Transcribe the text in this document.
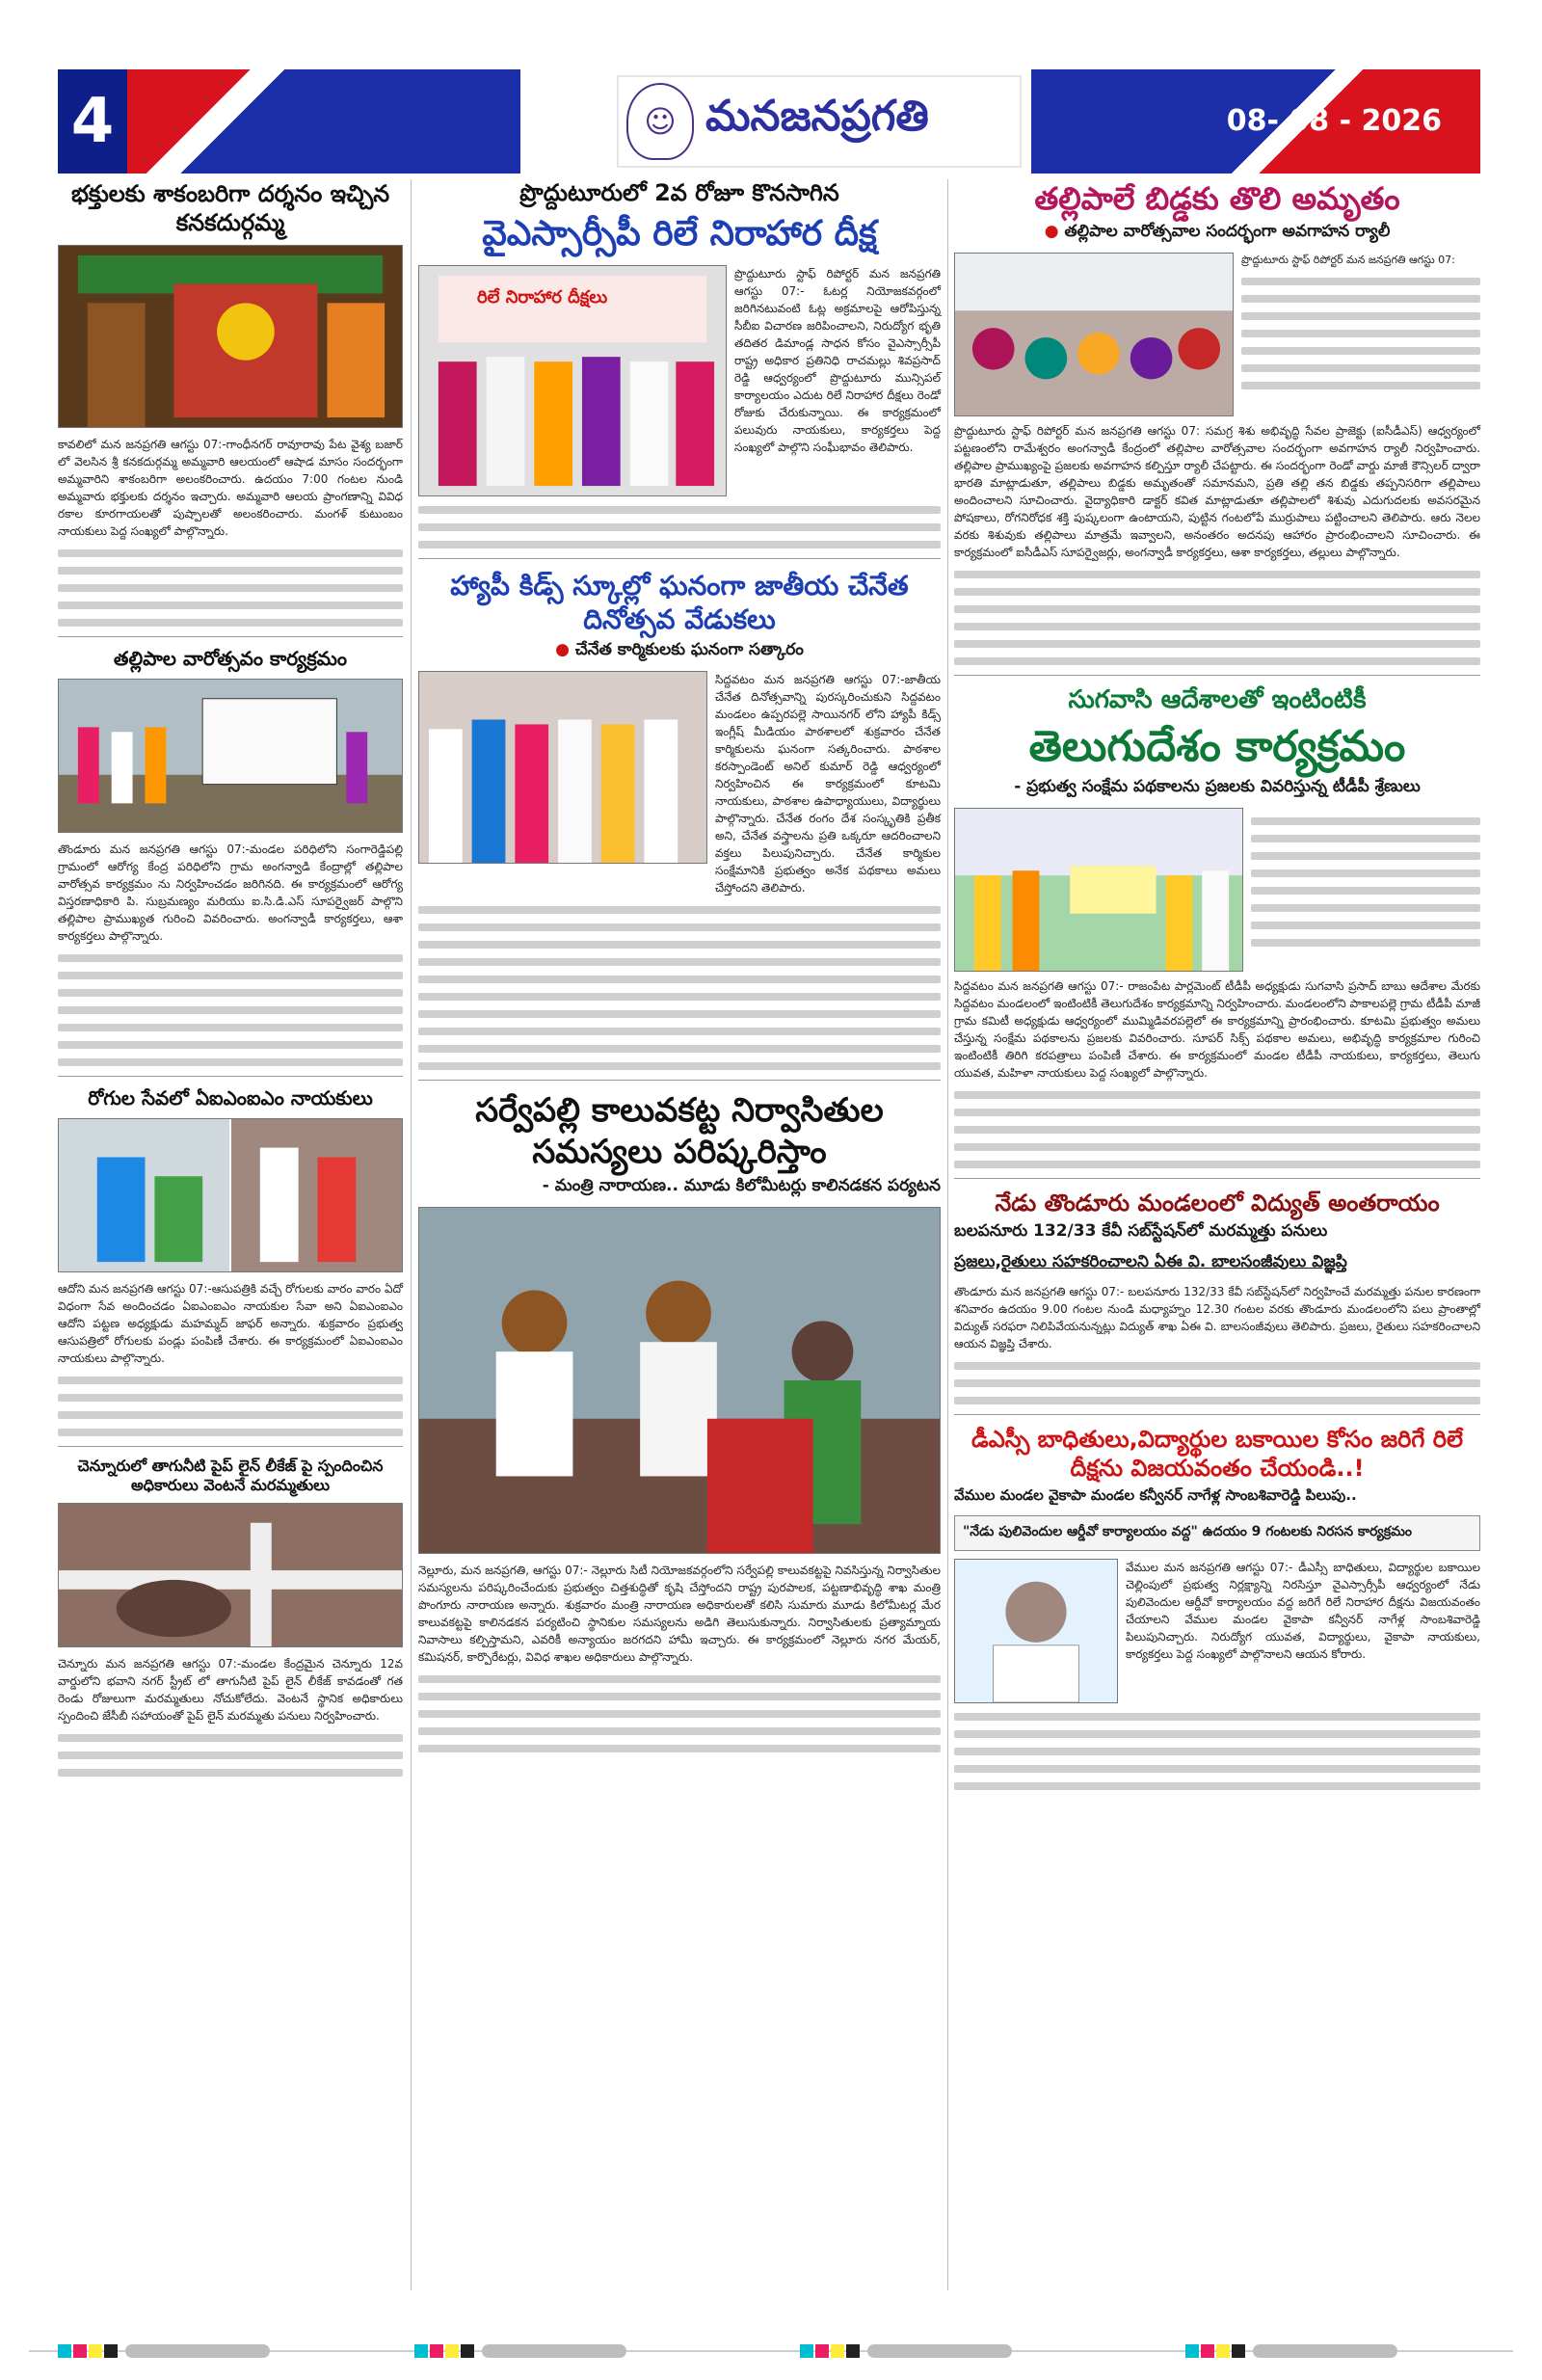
4	☺ మనజనప్రగతి	08- 08 - 2026
భక్తులకు శాకంబరిగా దర్శనం ఇచ్చిన కనకదుర్గమ్మ

కావలిలో మన జనప్రగతి ఆగస్టు 07:-గాంధీనగర్ రావూరావు పేట వైశ్య బజార్ లో వెలసిన శ్రీ కనకదుర్గమ్మ అమ్మవారి ఆలయంలో ఆషాడ మాసం సందర్భంగా అమ్మవారిని శాకంబరిగా అలంకరించారు. ఉదయం 7:00 గంటల నుండి అమ్మవారు భక్తులకు దర్శనం ఇచ్చారు. అమ్మవారి ఆలయ ప్రాంగణాన్ని వివిధ రకాల కూరగాయలతో పుష్పాలతో అలంకరించారు. మంగళ్ కుటుంబం నాయకులు పెద్ద సంఖ్యలో పాల్గొన్నారు.

తల్లిపాల వారోత్సవం కార్యక్రమం

తొండూరు మన జనప్రగతి ఆగస్టు 07:-మండల పరిధిలోని సంగారెడ్డిపల్లి గ్రామంలో ఆరోగ్య కేంద్ర పరిధిలోని గ్రామ అంగన్వాడి కేంద్రాల్లో తల్లిపాల వారోత్సవ కార్యక్రమం ను నిర్వహించడం జరిగినది. ఈ కార్యక్రమంలో ఆరోగ్య విస్తరణాధికారి పి. సుబ్రమణ్యం మరియు ఐ.సి.డి.ఎస్ సూపర్వైజర్ పాల్గొని తల్లిపాల ప్రాముఖ్యత గురించి వివరించారు. అంగన్వాడీ కార్యకర్తలు, ఆశా కార్యకర్తలు పాల్గొన్నారు.

రోగుల సేవలో ఏఐఎంఐఎం నాయకులు

ఆదోని మన జనప్రగతి ఆగస్టు 07:-ఆసుపత్రికి వచ్చే రోగులకు వారం వారం ఏదో విధంగా సేవ అందించడం ఏఐఎంఐఎం నాయకుల సేవా అని ఏఐఎంఐఎం ఆదోని పట్టణ అధ్యక్షుడు మహమ్మద్ జాఫర్ అన్నారు. శుక్రవారం ప్రభుత్వ ఆసుపత్రిలో రోగులకు పండ్లు పంపిణీ చేశారు. ఈ కార్యక్రమంలో ఏఐఎంఐఎం నాయకులు పాల్గొన్నారు.

చెన్నూరులో తాగునీటి పైప్ లైన్ లీకేజ్ పై స్పందించిన అధికారులు వెంటనే మరమ్మతులు

చెన్నూరు మన జనప్రగతి ఆగస్టు 07:-మండల కేంద్రమైన చెన్నూరు 12వ వార్డులోని భవాని నగర్ స్ట్రీట్ లో తాగునీటి పైప్ లైన్ లీకేజ్ కావడంతో గత రెండు రోజులుగా మరమ్మతులు నోచుకోలేదు. వెంటనే స్థానిక అధికారులు స్పందించి జేసీబీ సహాయంతో పైప్ లైన్ మరమ్మతు పనులు నిర్వహించారు.

ప్రొద్దుటూరులో 2వ రోజూ కొనసాగిన
వైఎస్సార్సీపీ రిలే నిరాహార దీక్ష
రిలే నిరాహార దీక్షలు

ప్రొద్దుటూరు స్టాఫ్ రిపోర్టర్ మన జనప్రగతి ఆగస్టు 07:- ఓటర్ల నియోజకవర్గంలో జరిగినటువంటి ఓట్ల అక్రమాలపై ఆరోపిస్తున్న సీబీఐ విచారణ జరిపించాలని, నిరుద్యోగ భృతి తదితర డిమాండ్ల సాధన కోసం వైఎస్సార్సీపీ రాష్ట్ర అధికార ప్రతినిధి రాచమల్లు శివప్రసాద్ రెడ్డి ఆధ్వర్యంలో ప్రొద్దుటూరు మున్సిపల్ కార్యాలయం ఎదుట రిలే నిరాహార దీక్షలు రెండో రోజుకు చేరుకున్నాయి. ఈ కార్యక్రమంలో పలువురు నాయకులు, కార్యకర్తలు పెద్ద సంఖ్యలో పాల్గొని సంఘీభావం తెలిపారు.

హ్యాపీ కిడ్స్ స్కూల్లో ఘనంగా జాతీయ చేనేత దినోత్సవ వేడుకలు
● చేనేత కార్మికులకు ఘనంగా సత్కారం

సిద్దవటం మన జనప్రగతి ఆగస్టు 07:-జాతీయ చేనేత దినోత్సవాన్ని పురస్కరించుకుని సిద్దవటం మండలం ఉప్పరపల్లె సాయినగర్ లోని హ్యాపీ కిడ్స్ ఇంగ్లీష్ మీడియం పాఠశాలలో శుక్రవారం చేనేత కార్మికులను ఘనంగా సత్కరించారు. పాఠశాల కరస్పాండెంట్ అనిల్ కుమార్ రెడ్డి ఆధ్వర్యంలో నిర్వహించిన ఈ కార్యక్రమంలో కూటమి నాయకులు, పాఠశాల ఉపాధ్యాయులు, విద్యార్థులు పాల్గొన్నారు. చేనేత రంగం దేశ సంస్కృతికి ప్రతీక అని, చేనేత వస్త్రాలను ప్రతి ఒక్కరూ ఆదరించాలని వక్తలు పిలుపునిచ్చారు. చేనేత కార్మికుల సంక్షేమానికి ప్రభుత్వం అనేక పథకాలు అమలు చేస్తోందని తెలిపారు.

సర్వేపల్లి కాలువకట్ట నిర్వాసితుల సమస్యలు పరిష్కరిస్తాం
- మంత్రి నారాయణ.. మూడు కిలోమీటర్లు కాలినడకన పర్యటన

నెల్లూరు, మన జనప్రగతి, ఆగస్టు 07:- నెల్లూరు సిటీ నియోజకవర్గంలోని సర్వేపల్లి కాలువకట్టపై నివసిస్తున్న నిర్వాసితుల సమస్యలను పరిష్కరించేందుకు ప్రభుత్వం చిత్తశుద్ధితో కృషి చేస్తోందని రాష్ట్ర పురపాలక, పట్టణాభివృద్ధి శాఖ మంత్రి పొంగూరు నారాయణ అన్నారు. శుక్రవారం మంత్రి నారాయణ అధికారులతో కలిసి సుమారు మూడు కిలోమీటర్ల మేర కాలువకట్టపై కాలినడకన పర్యటించి స్థానికుల సమస్యలను అడిగి తెలుసుకున్నారు. నిర్వాసితులకు ప్రత్యామ్నాయ నివాసాలు కల్పిస్తామని, ఎవరికీ అన్యాయం జరగదని హామీ ఇచ్చారు. ఈ కార్యక్రమంలో నెల్లూరు నగర మేయర్, కమిషనర్, కార్పొరేటర్లు, వివిధ శాఖల అధికారులు పాల్గొన్నారు.

తల్లిపాలే బిడ్డకు తొలి అమృతం
● తల్లిపాల వారోత్సవాల సందర్భంగా అవగాహన ర్యాలీ

ప్రొద్దుటూరు స్టాఫ్ రిపోర్టర్ మన జనప్రగతి ఆగస్టు 07:

ప్రొద్దుటూరు స్టాఫ్ రిపోర్టర్ మన జనప్రగతి ఆగస్టు 07: సమగ్ర శిశు అభివృద్ధి సేవల ప్రాజెక్టు (ఐసీడీఎస్) ఆధ్వర్యంలో పట్టణంలోని రామేశ్వరం అంగన్వాడీ కేంద్రంలో తల్లిపాల వారోత్సవాల సందర్భంగా అవగాహన ర్యాలీ నిర్వహించారు. తల్లిపాల ప్రాముఖ్యంపై ప్రజలకు అవగాహన కల్పిస్తూ ర్యాలీ చేపట్టారు. ఈ సందర్భంగా రెండో వార్డు మాజీ కౌన్సిలర్ ద్వారా భారతి మాట్లాడుతూ, తల్లిపాలు బిడ్డకు అమృతంతో సమానమని, ప్రతి తల్లి తన బిడ్డకు తప్పనిసరిగా తల్లిపాలు అందించాలని సూచించారు. వైద్యాధికారి డాక్టర్ కవిత మాట్లాడుతూ తల్లిపాలలో శిశువు ఎదుగుదలకు అవసరమైన పోషకాలు, రోగనిరోధక శక్తి పుష్కలంగా ఉంటాయని, పుట్టిన గంటలోపే ముర్రుపాలు పట్టించాలని తెలిపారు. ఆరు నెలల వరకు శిశువుకు తల్లిపాలు మాత్రమే ఇవ్వాలని, అనంతరం అదనపు ఆహారం ప్రారంభించాలని సూచించారు. ఈ కార్యక్రమంలో ఐసీడీఎస్ సూపర్వైజర్లు, అంగన్వాడీ కార్యకర్తలు, ఆశా కార్యకర్తలు, తల్లులు పాల్గొన్నారు.

సుగవాసి ఆదేశాలతో ఇంటింటికీ
తెలుగుదేశం కార్యక్రమం
- ప్రభుత్వ సంక్షేమ పథకాలను ప్రజలకు వివరిస్తున్న టీడీపీ శ్రేణులు

సిద్దవటం మన జనప్రగతి ఆగస్టు 07:- రాజంపేట పార్లమెంట్ టీడీపీ అధ్యక్షుడు సుగవాసి ప్రసాద్ బాబు ఆదేశాల మేరకు సిద్దవటం మండలంలో ఇంటింటికీ తెలుగుదేశం కార్యక్రమాన్ని నిర్వహించారు. మండలంలోని పాకాలపల్లె గ్రామ టీడీపీ మాజీ గ్రామ కమిటీ అధ్యక్షుడు ఆధ్వర్యంలో ముమ్మిడివరపల్లెలో ఈ కార్యక్రమాన్ని ప్రారంభించారు. కూటమి ప్రభుత్వం అమలు చేస్తున్న సంక్షేమ పథకాలను ప్రజలకు వివరించారు. సూపర్ సిక్స్ పథకాల అమలు, అభివృద్ధి కార్యక్రమాల గురించి ఇంటింటికీ తిరిగి కరపత్రాలు పంపిణీ చేశారు. ఈ కార్యక్రమంలో మండల టీడీపీ నాయకులు, కార్యకర్తలు, తెలుగు యువత, మహిళా నాయకులు పెద్ద సంఖ్యలో పాల్గొన్నారు.

నేడు తొండూరు మండలంలో విద్యుత్ అంతరాయం
బలపనూరు 132/33 కేవీ సబ్‌స్టేషన్‌లో మరమ్మత్తు పనులు
ప్రజలు,రైతులు సహకరించాలని ఏఈ వి. బాలసంజీవులు విజ్ఞప్తి

తొండూరు మన జనప్రగతి ఆగస్టు 07:- బలపనూరు 132/33 కేవీ సబ్‌స్టేషన్‌లో నిర్వహించే మరమ్మత్తు పనుల కారణంగా శనివారం ఉదయం 9.00 గంటల నుండి మధ్యాహ్నం 12.30 గంటల వరకు తొండూరు మండలంలోని పలు ప్రాంతాల్లో విద్యుత్ సరఫరా నిలిపివేయనున్నట్లు విద్యుత్ శాఖ ఏఈ వి. బాలసంజీవులు తెలిపారు. ప్రజలు, రైతులు సహకరించాలని ఆయన విజ్ఞప్తి చేశారు.

డీఎస్సీ బాధితులు,విద్యార్థుల బకాయిల కోసం జరిగే రిలే దీక్షను విజయవంతం చేయండి..!
వేముల మండల వైకాపా మండల కన్వీనర్ నాగేళ్ల సాంబశివారెడ్డి పిలుపు..
"నేడు పులివెందుల ఆర్డీవో కార్యాలయం వద్ద" ఉదయం 9 గంటలకు నిరసన కార్యక్రమం

వేముల మన జనప్రగతి ఆగస్టు 07:- డీఎస్సీ బాధితులు, విద్యార్థుల బకాయిల చెల్లింపులో ప్రభుత్వ నిర్లక్ష్యాన్ని నిరసిస్తూ వైఎస్సార్సీపీ ఆధ్వర్యంలో నేడు పులివెందుల ఆర్డీవో కార్యాలయం వద్ద జరిగే రిలే నిరాహార దీక్షను విజయవంతం చేయాలని వేముల మండల వైకాపా కన్వీనర్ నాగేళ్ల సాంబశివారెడ్డి పిలుపునిచ్చారు. నిరుద్యోగ యువత, విద్యార్థులు, వైకాపా నాయకులు, కార్యకర్తలు పెద్ద సంఖ్యలో పాల్గొనాలని ఆయన కోరారు.
